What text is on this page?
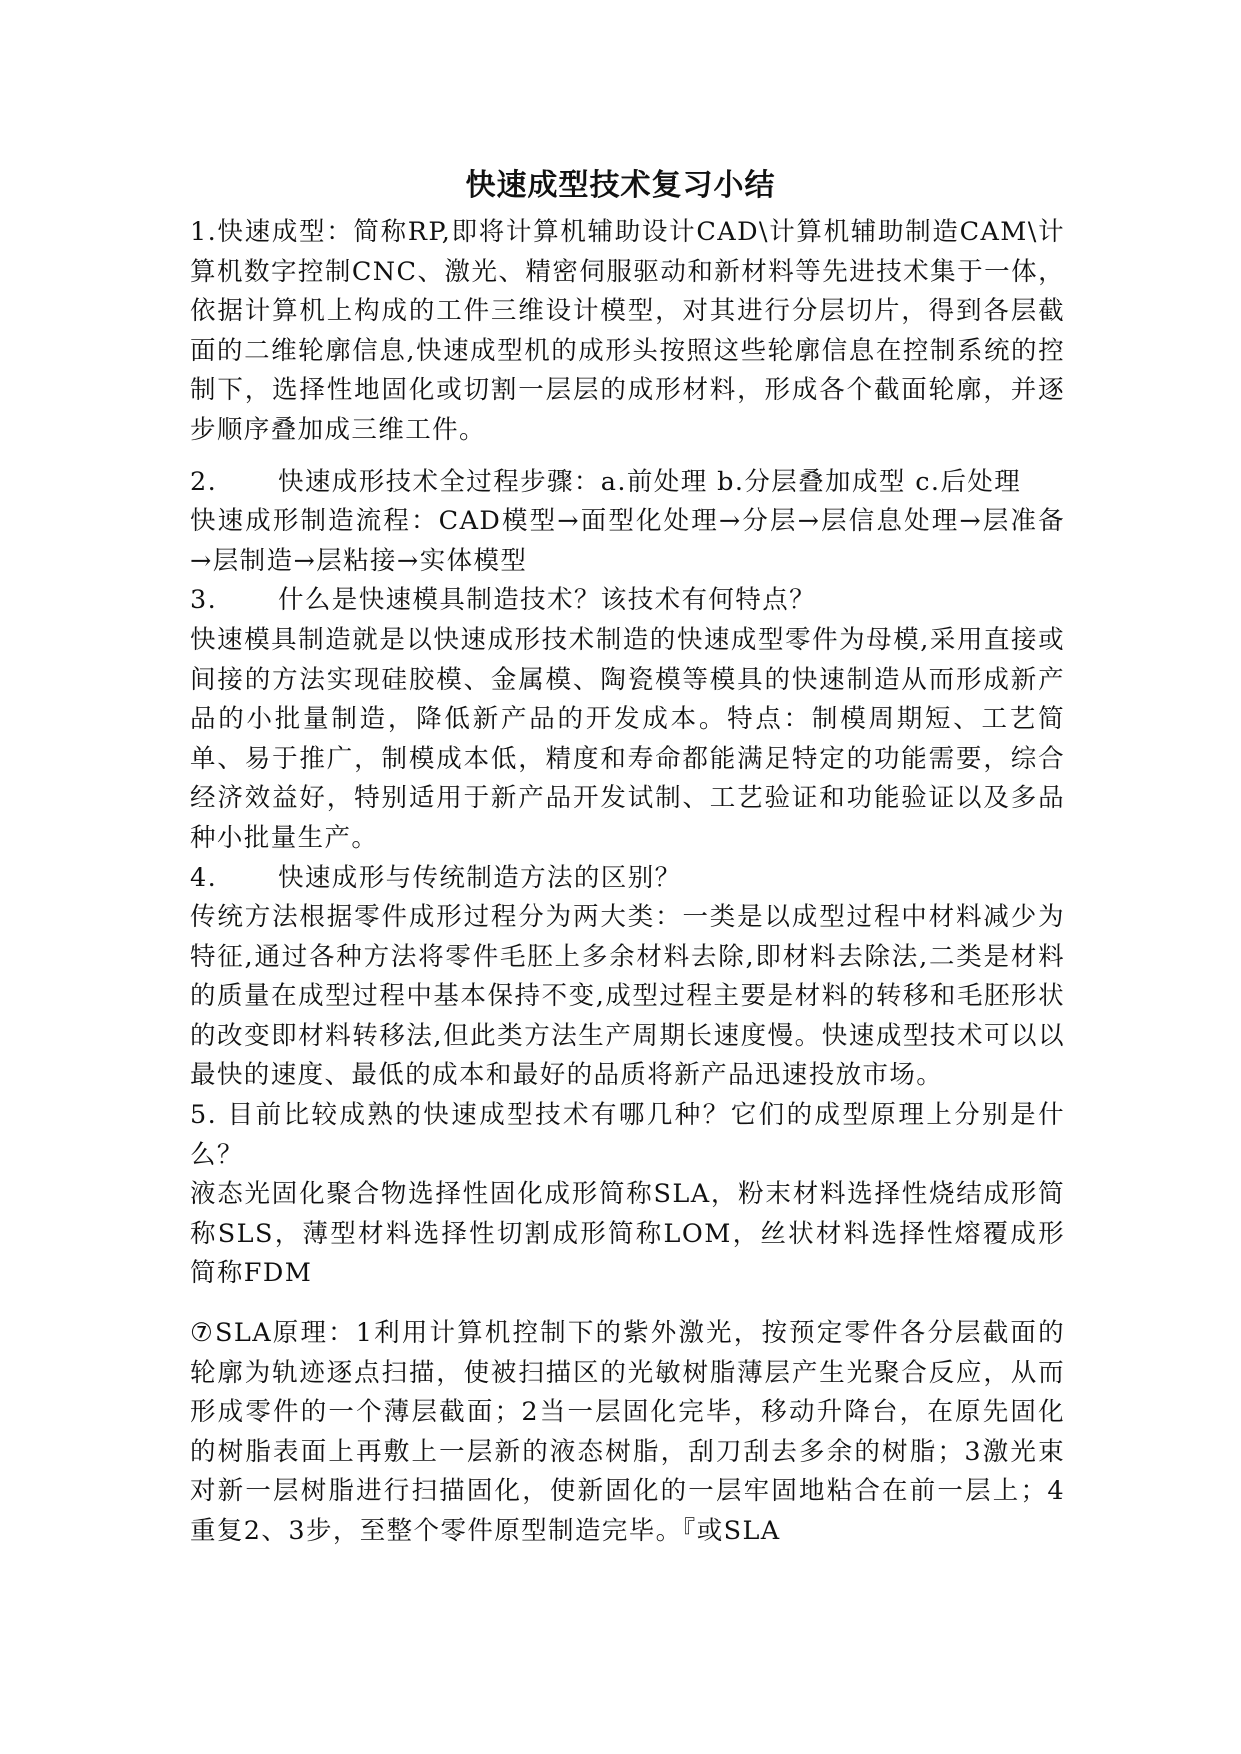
快速成型技术复习小结

1.快速成型：简称RP,即将计算机辅助设计CAD\计算机辅助制造CAM\计算机数字控制CNC、激光、精密伺服驱动和新材料等先进技术集于一体，依据计算机上构成的工件三维设计模型，对其进行分层切片，得到各层截面的二维轮廓信息,快速成型机的成形头按照这些轮廓信息在控制系统的控制下，选择性地固化或切割一层层的成形材料，形成各个截面轮廓，并逐步顺序叠加成三维工件。

2. 快速成形技术全过程步骤：a.前处理 b.分层叠加成型 c.后处理

快速成形制造流程：CAD模型→面型化处理→分层→层信息处理→层准备→层制造→层粘接→实体模型

3. 什么是快速模具制造技术？该技术有何特点？

快速模具制造就是以快速成形技术制造的快速成型零件为母模,采用直接或间接的方法实现硅胶模、金属模、陶瓷模等模具的快速制造从而形成新产品的小批量制造，降低新产品的开发成本。特点：制模周期短、工艺简单、易于推广，制模成本低，精度和寿命都能满足特定的功能需要，综合经济效益好，特别适用于新产品开发试制、工艺验证和功能验证以及多品种小批量生产。

4. 快速成形与传统制造方法的区别？

传统方法根据零件成形过程分为两大类：一类是以成型过程中材料减少为特征,通过各种方法将零件毛胚上多余材料去除,即材料去除法,二类是材料的质量在成型过程中基本保持不变,成型过程主要是材料的转移和毛胚形状的改变即材料转移法,但此类方法生产周期长速度慢。快速成型技术可以以最快的速度、最低的成本和最好的品质将新产品迅速投放市场。

5. 目前比较成熟的快速成型技术有哪几种？它们的成型原理上分别是什么？

液态光固化聚合物选择性固化成形简称SLA，粉末材料选择性烧结成形简称SLS，薄型材料选择性切割成形简称LOM，丝状材料选择性熔覆成形简称FDM

⑦SLA原理：1利用计算机控制下的紫外激光，按预定零件各分层截面的轮廓为轨迹逐点扫描，使被扫描区的光敏树脂薄层产生光聚合反应，从而形成零件的一个薄层截面；2当一层固化完毕，移动升降台，在原先固化的树脂表面上再敷上一层新的液态树脂，刮刀刮去多余的树脂；3激光束对新一层树脂进行扫描固化，使新固化的一层牢固地粘合在前一层上；4重复2、3步，至整个零件原型制造完毕。『或SLA
